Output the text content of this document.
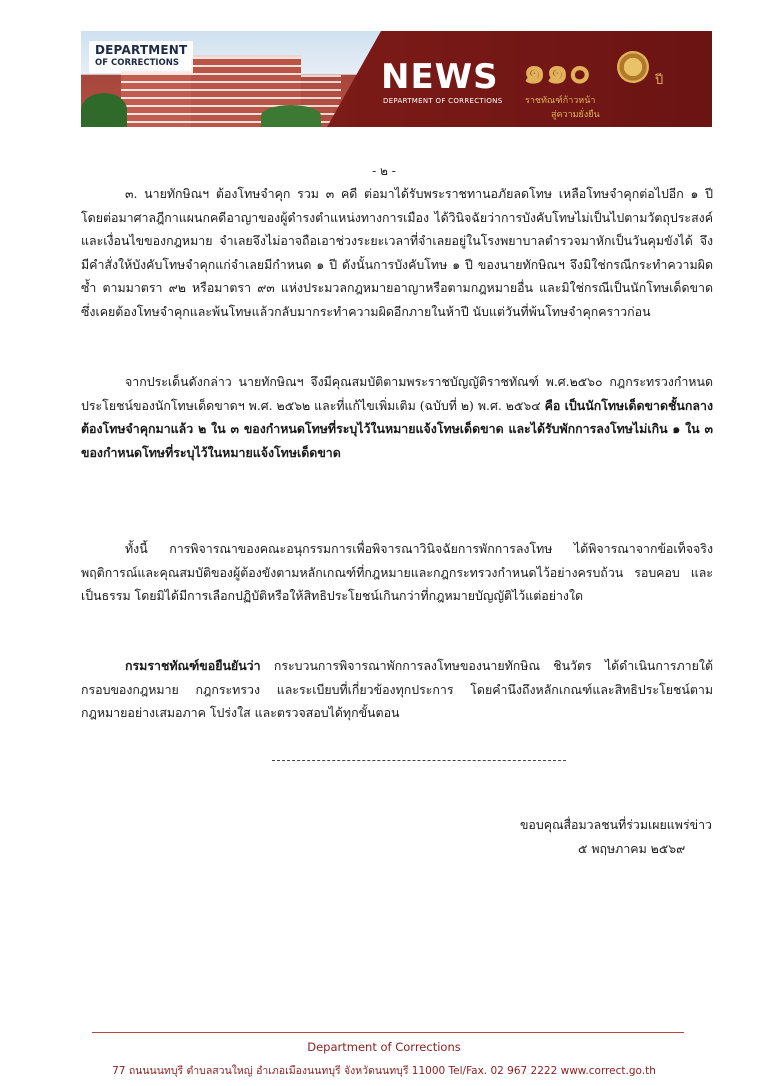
DEPARTMENT
OF CORRECTIONS	NEWS
DEPARTMENT OF CORRECTIONS
๑๑๐	ปี
ราชทัณฑ์ก้าวหน้า
สู่ความยั่งยืน
- ๒ -
๓. นายทักษิณฯ ต้องโทษจำคุก รวม ๓ คดี ต่อมาได้รับพระราชทานอภัยลดโทษ เหลือโทษจำคุกต่อไปอีก ๑ ปี โดยต่อมาศาลฎีกาแผนกคดีอาญาของผู้ดำรงตำแหน่งทางการเมือง ได้วินิจฉัยว่าการบังคับโทษไม่เป็นไปตามวัตถุประสงค์และเงื่อนไขของกฎหมาย จำเลยจึงไม่อาจถือเอาช่วงระยะเวลาที่จำเลยอยู่ในโรงพยาบาลตำรวจมาหักเป็นวันคุมขังได้ จึงมีคำสั่งให้บังคับโทษจำคุกแก่จำเลยมีกำหนด ๑ ปี ดังนั้นการบังคับโทษ ๑ ปี ของนายทักษิณฯ จึงมิใช่กรณีกระทำความผิดซ้ำ ตามมาตรา ๙๒ หรือมาตรา ๙๓ แห่งประมวลกฎหมายอาญาหรือตามกฎหมายอื่น และมิใช่กรณีเป็นนักโทษเด็ดขาดซึ่งเคยต้องโทษจำคุกและพ้นโทษแล้วกลับมากระทำความผิดอีกภายในห้าปี นับแต่วันที่พ้นโทษจำคุกคราวก่อน
จากประเด็นดังกล่าว นายทักษิณฯ จึงมีคุณสมบัติตามพระราชบัญญัติราชทัณฑ์ พ.ศ.๒๕๖๐ กฎกระทรวงกำหนดประโยชน์ของนักโทษเด็ดขาดฯ พ.ศ. ๒๕๖๒ และที่แก้ไขเพิ่มเติม (ฉบับที่ ๒) พ.ศ. ๒๕๖๔ คือ เป็นนักโทษเด็ดขาดชั้นกลาง ต้องโทษจำคุกมาแล้ว ๒ ใน ๓ ของกำหนดโทษที่ระบุไว้ในหมายแจ้งโทษเด็ดขาด และได้รับพักการลงโทษไม่เกิน ๑ ใน ๓ ของกำหนดโทษที่ระบุไว้ในหมายแจ้งโทษเด็ดขาด
ทั้งนี้ การพิจารณาของคณะอนุกรรมการเพื่อพิจารณาวินิจฉัยการพักการลงโทษ ได้พิจารณาจากข้อเท็จจริง พฤติการณ์และคุณสมบัติของผู้ต้องขังตามหลักเกณฑ์ที่กฎหมายและกฎกระทรวงกำหนดไว้อย่างครบถ้วน รอบคอบ และเป็นธรรม โดยมิได้มีการเลือกปฏิบัติหรือให้สิทธิประโยชน์เกินกว่าที่กฎหมายบัญญัติไว้แต่อย่างใด
กรมราชทัณฑ์ขอยืนยันว่า กระบวนการพิจารณาพักการลงโทษของนายทักษิณ ชินวัตร ได้ดำเนินการภายใต้กรอบของกฎหมาย กฎกระทรวง และระเบียบที่เกี่ยวข้องทุกประการ โดยคำนึงถึงหลักเกณฑ์และสิทธิประโยชน์ตามกฎหมายอย่างเสมอภาค โปร่งใส และตรวจสอบได้ทุกขั้นตอน
ขอบคุณสื่อมวลชนที่ร่วมเผยแพร่ข่าว
๕ พฤษภาคม ๒๕๖๙
Department of Corrections
77 ถนนนนทบุรี ตำบลสวนใหญ่ อำเภอเมืองนนทบุรี จังหวัดนนทบุรี 11000 Tel/Fax. 02 967 2222 www.correct.go.th
